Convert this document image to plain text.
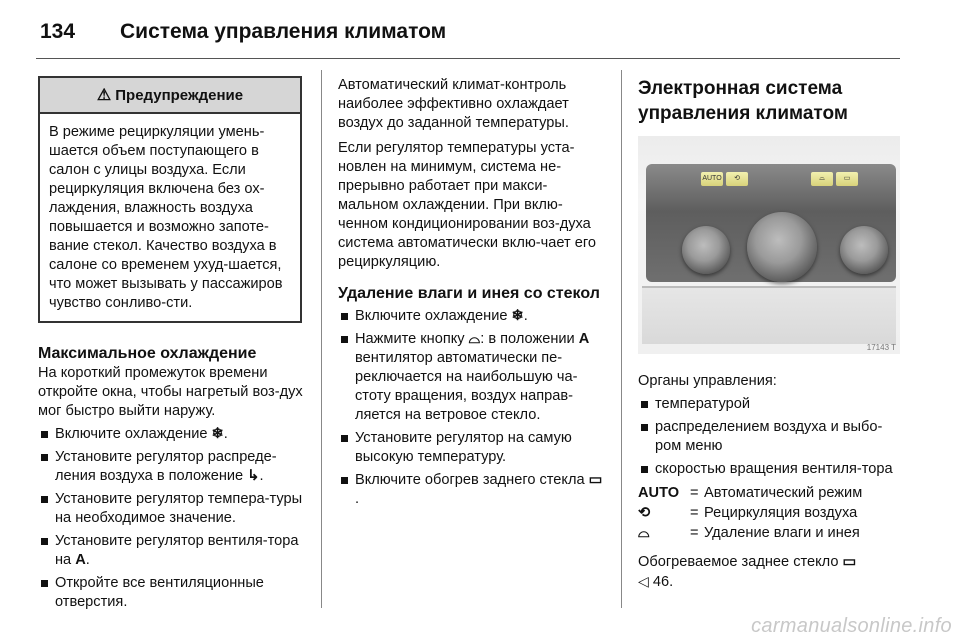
134 Система управления климатом
⚠ Предупреждение
В режиме рециркуляции умень-шается объем поступающего в салон с улицы воздуха. Если рециркуляция включена без ох-лаждения, влажность воздуха повышается и возможно запоте-вание стекол. Качество воздуха в салоне со временем ухуд-шается, что может вызывать у пассажиров чувство сонливо-сти.
Максимальное охлаждение

На короткий промежуток времени откройте окна, чтобы нагретый воз-дух мог быстро выйти наружу.

Включите охлаждение ❄.
Установите регулятор распреде-ления воздуха в положение ↳.
Установите регулятор темпера-туры на необходимое значение.
Установите регулятор вентиля-тора на A.
Откройте все вентиляционные отверстия.

Автоматический климат-контроль наиболее эффективно охлаждает воздух до заданной температуры.

Если регулятор температуры уста-новлен на минимум, система не-прерывно работает при макси-мальном охлаждении. При вклю-ченном кондиционировании воз-духа система автоматически вклю-чает его рециркуляцию.

Удаление влаги и инея со стекол
Включите охлаждение ❄.
Нажмите кнопку ⌓: в положении A вентилятор автоматически пе-реключается на наибольшую ча-стоту вращения, воздух направ-ляется на ветровое стекло.
Установите регулятор на самую высокую температуру.
Включите обогрев заднего стекла ▭.
Электронная система управления климатом
AUTO	⟲	⌓	▭
17143 T

Органы управления:

температурой
распределением воздуха и выбо-ром меню
скоростью вращения вентиля-тора
AUTO = Автоматический режим
⟲	= Рециркуляция воздуха
⌓	= Удаление влаги и инея

Обогреваемое заднее стекло ▭
◁ 46.

carmanualsonline.info
